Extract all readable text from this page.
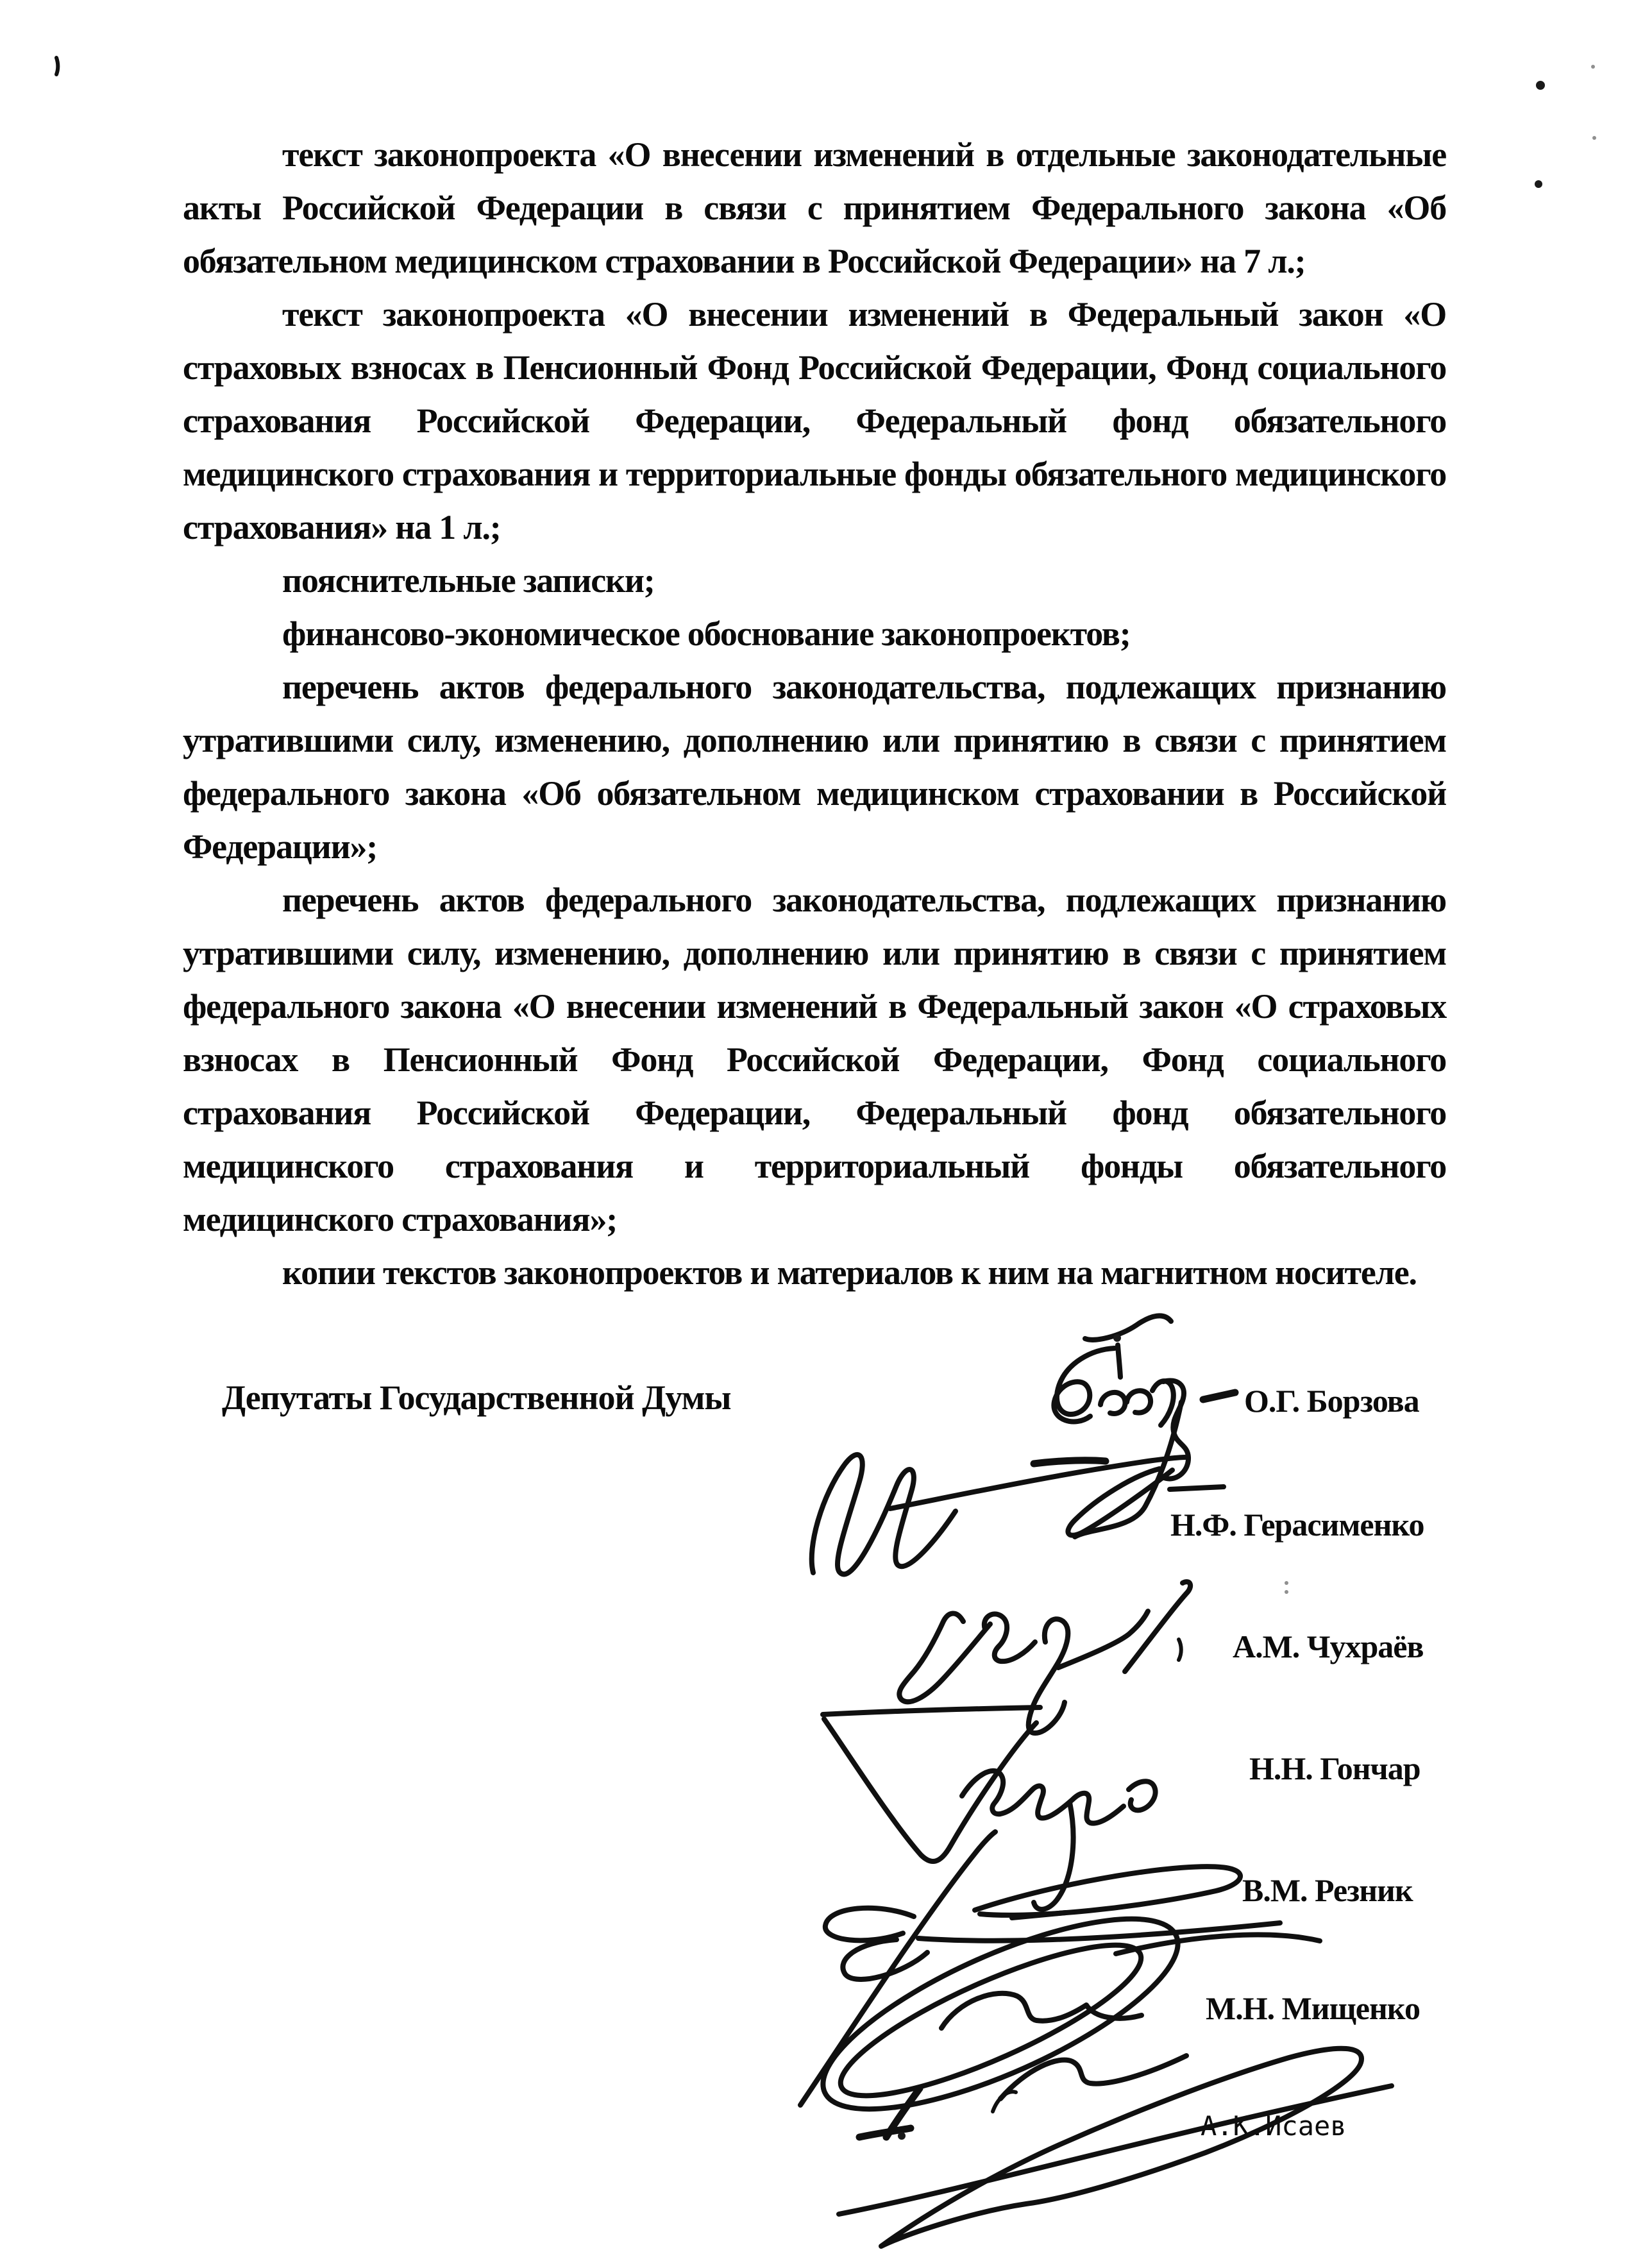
текст законопроекта «О внесении изменений в отдельные законодательные акты Российской Федерации в связи с принятием Федерального закона «Об обязательном медицинском страховании в Российской Федерации» на 7 л.;

текст законопроекта «О внесении изменений в Федеральный закон «О страховых взносах в Пенсионный Фонд Российской Федерации, Фонд социального страхования Российской Федерации, Федеральный фонд обязательного медицинского страхования и территориальные фонды обязательного медицинского страхования» на 1 л.;

пояснительные записки;

финансово-экономическое обоснование законопроектов;

перечень актов федерального законодательства, подлежащих признанию утратившими силу, изменению, дополнению или принятию в связи с принятием федерального закона «Об обязательном медицинском страховании в Российской Федерации»;

перечень актов федерального законодательства, подлежащих признанию утратившими силу, изменению, дополнению или принятию в связи с принятием федерального закона «О внесении изменений в Федеральный закон «О страховых взносах в Пенсионный Фонд Российской Федерации, Фонд социального страхования Российской Федерации, Федеральный фонд обязательного медицинского страхования и территориальный фонды обязательного медицинского страхования»;

копии текстов законопроектов и материалов к ним на магнитном носителе.

Депутаты Государственной Думы	О.Г. Борзова
Н.Ф. Герасименко
А.М. Чухраёв
Н.Н. Гончар
В.М. Резник
М.Н. Мищенко
А.К.Исаев
